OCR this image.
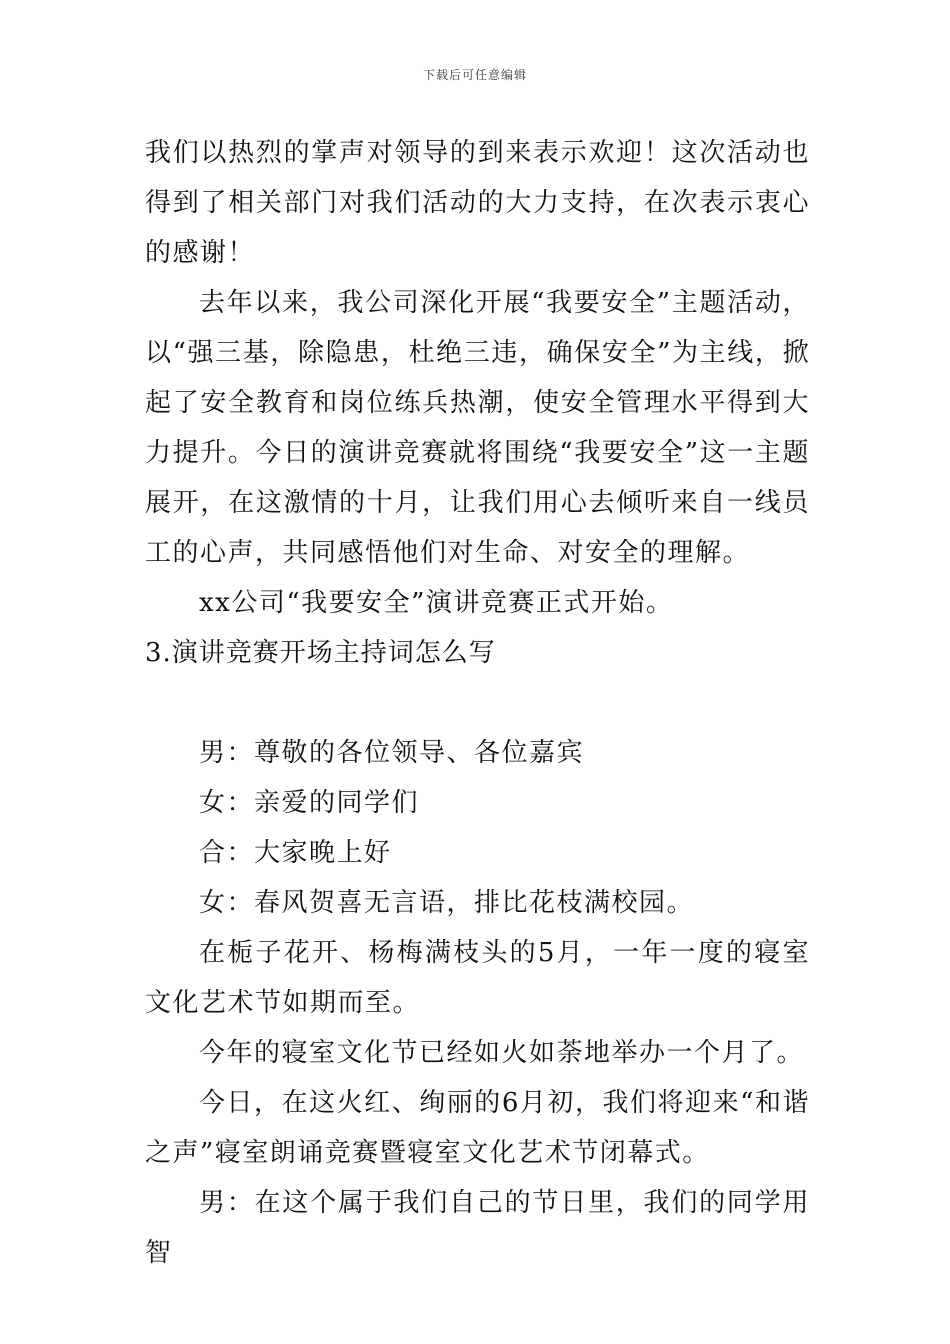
下载后可任意编辑

我们以热烈的掌声对领导的到来表示欢迎！这次活动也得到了相关部门对我们活动的大力支持，在次表示衷心的感谢！

去年以来，我公司深化开展“我要安全”主题活动，以“强三基，除隐患，杜绝三违，确保安全”为主线，掀起了安全教育和岗位练兵热潮，使安全管理水平得到大力提升。今日的演讲竞赛就将围绕“我要安全”这一主题展开，在这激情的十月，让我们用心去倾听来自一线员工的心声，共同感悟他们对生命、对安全的理解。

xx公司“我要安全”演讲竞赛正式开始。

3.演讲竞赛开场主持词怎么写

男：尊敬的各位领导、各位嘉宾

女：亲爱的同学们

合：大家晚上好

女：春风贺喜无言语，排比花枝满校园。

在栀子花开、杨梅满枝头的5月，一年一度的寝室文化艺术节如期而至。

今年的寝室文化节已经如火如荼地举办一个月了。

今日，在这火红、绚丽的6月初，我们将迎来“和谐之声”寝室朗诵竞赛暨寝室文化艺术节闭幕式。

男：在这个属于我们自己的节日里，我们的同学用智
